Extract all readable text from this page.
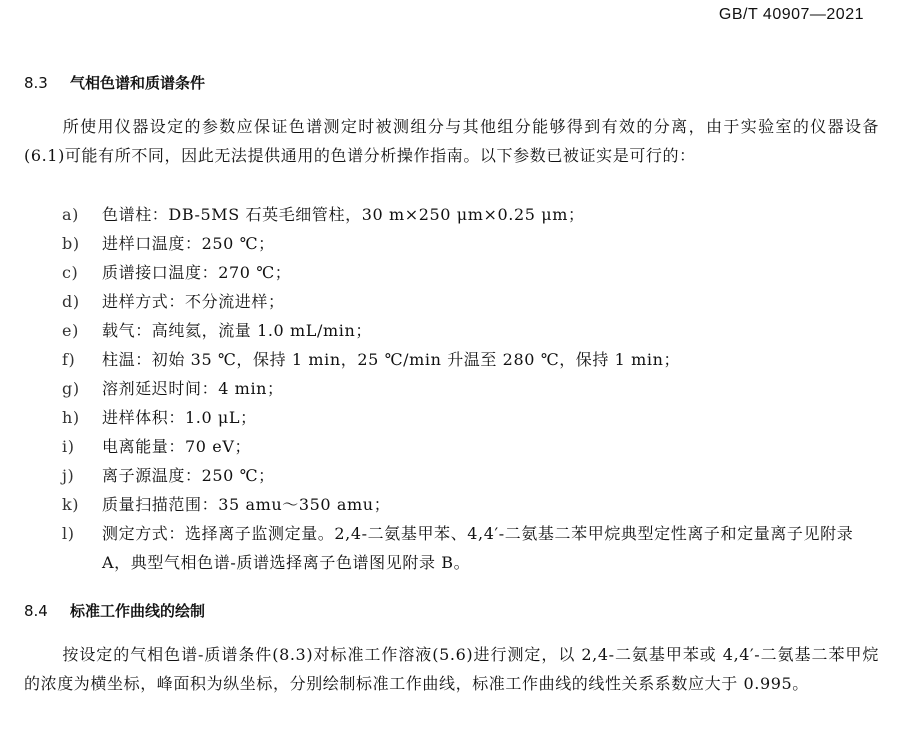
GB/T 40907—2021
8.3 气相色谱和质谱条件
所使用仪器设定的参数应保证色谱测定时被测组分与其他组分能够得到有效的分离，由于实验室的仪器设备(6.1)可能有所不同，因此无法提供通用的色谱分析操作指南。以下参数已被证实是可行的：
a)	色谱柱：DB-5MS 石英毛细管柱，30 m×250 μm×0.25 μm；
b)	进样口温度：250 ℃；
c)	质谱接口温度：270 ℃；
d)	进样方式：不分流进样；
e)	载气：高纯氦，流量 1.0 mL/min；
f)	柱温：初始 35 ℃，保持 1 min，25 ℃/min 升温至 280 ℃，保持 1 min；
g)	溶剂延迟时间：4 min；
h)	进样体积：1.0 μL；
i)	电离能量：70 eV；
j)	离子源温度：250 ℃；
k)	质量扫描范围：35 amu～350 amu；
l)	测定方式：选择离子监测定量。2,4-二氨基甲苯、4,4′-二氨基二苯甲烷典型定性离子和定量离子见附录 A，典型气相色谱-质谱选择离子色谱图见附录 B。
8.4 标准工作曲线的绘制
按设定的气相色谱-质谱条件(8.3)对标准工作溶液(5.6)进行测定，以 2,4-二氨基甲苯或 4,4′-二氨基二苯甲烷的浓度为横坐标，峰面积为纵坐标，分别绘制标准工作曲线，标准工作曲线的线性关系系数应大于 0.995。
